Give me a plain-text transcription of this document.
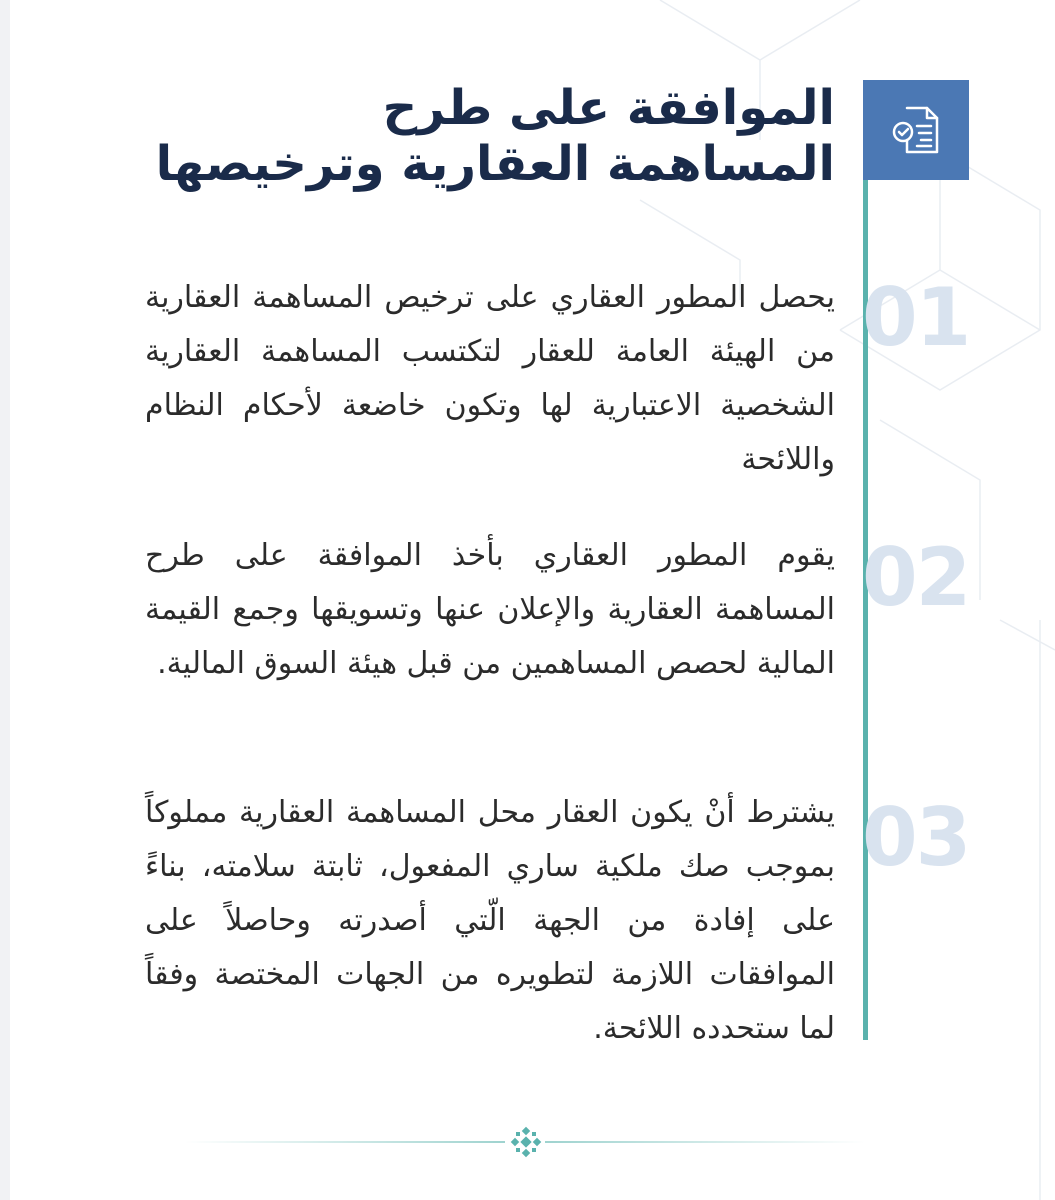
الموافقة على طرح
المساهمة العقارية وترخيصها
01

يحصل المطور العقاري على ترخيص المساهمة العقارية من الهيئة العامة للعقار لتكتسب المساهمة العقارية الشخصية الاعتبارية لها وتكون خاضعة لأحكام النظام واللائحة

02

يقوم المطور العقاري بأخذ الموافقة على طرح المساهمة العقارية والإعلان عنها وتسويقها وجمع القيمة المالية لحصص المساهمين من قبل هيئة السوق المالية.

03

يشترط أنْ يكون العقار محل المساهمة العقارية مملوكاً بموجب صك ملكية ساري المفعول، ثابتة سلامته، بناءً على إفادة من الجهة الّتي أصدرته وحاصلاً على الموافقات اللازمة لتطويره من الجهات المختصة وفقاً لما ستحدده اللائحة.
